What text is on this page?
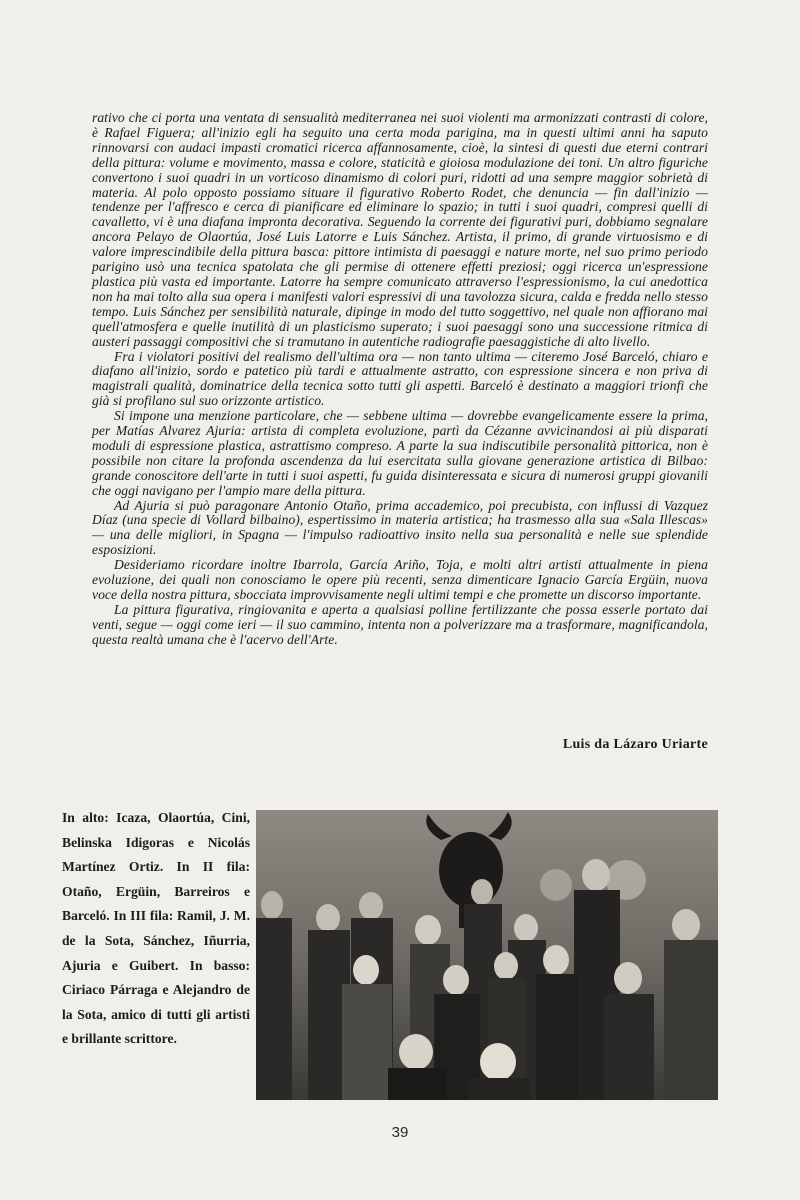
rativo che ci porta una ventata di sensualità mediterranea nei suoi violenti ma armonizzati contrasti di colore, è Rafael Figuera; all'inizio egli ha seguito una certa moda parigina, ma in questi ultimi anni ha saputo rinnovarsi con audaci impasti cromatici ricerca affannosamente, cioè, la sintesi di questi due eterni contrari della pittura: volume e movimento, massa e colore, staticità e gioiosa modulazione dei toni. Un altro figuriche convertono i suoi quadri in un vorticoso dinamismo di colori puri, ridotti ad una sempre maggior sobrietà di materia. Al polo opposto possiamo situare il figurativo Roberto Rodet, che denuncia — fin dall'inizio — tendenze per l'affresco e cerca di pianificare ed eliminare lo spazio; in tutti i suoi quadri, compresi quelli di cavalletto, vi è una diafana impronta decorativa. Seguendo la corrente dei figurativi puri, dobbiamo segnalare ancora Pelayo de Olaortúa, José Luis Latorre e Luis Sánchez. Artista, il primo, di grande virtuosismo e di valore imprescindibile della pittura basca: pittore intimista di paesaggi e nature morte, nel suo primo periodo parigino usò una tecnica spatolata che gli permise di ottenere effetti preziosi; oggi ricerca un'espressione plastica più vasta ed importante. Latorre ha sempre comunicato attraverso l'espressionismo, la cui anedottica non ha mai tolto alla sua opera i manifesti valori espressivi di una tavolozza sicura, calda e fredda nello stesso tempo. Luis Sánchez per sensibilità naturale, dipinge in modo del tutto soggettivo, nel quale non affiorano mai quell'atmosfera e quelle inutilità di un plasticismo superato; i suoi paesaggi sono una successione ritmica di austeri passaggi compositivi che si tramutano in autentiche radiografie paesaggistiche di alto livello.

Fra i violatori positivi del realismo dell'ultima ora — non tanto ultima — citeremo José Barceló, chiaro e diafano all'inizio, sordo e patetico più tardi e attualmente astratto, con espressione sincera e non priva di magistrali qualità, dominatrice della tecnica sotto tutti gli aspetti. Barceló è destinato a maggiori trionfi che già si profilano sul suo orizzonte artistico.

Si impone una menzione particolare, che — sebbene ultima — dovrebbe evangelicamente essere la prima, per Matías Alvarez Ajuria: artista di completa evoluzione, partì da Cézanne avvicinandosi ai più disparati moduli di espressione plastica, astrattismo compreso. A parte la sua indiscutibile personalità pittorica, non è possibile non citare la profonda ascendenza da lui esercitata sulla giovane generazione artistica di Bilbao: grande conoscitore dell'arte in tutti i suoi aspetti, fu guida disinteressata e sicura di numerosi gruppi giovanili che oggi navigano per l'ampio mare della pittura.

Ad Ajuria si può paragonare Antonio Otaño, prima accademico, poi precubista, con influssi di Vazquez Díaz (una specie di Vollard bilbaino), espertissimo in materia artistica; ha trasmesso alla sua «Sala Illescas» — una delle migliori, in Spagna — l'impulso radioattivo insito nella sua personalità e nelle sue splendide esposizioni.

Desideriamo ricordare inoltre Ibarrola, García Ariño, Toja, e molti altri artisti attualmente in piena evoluzione, dei quali non conosciamo le opere più recenti, senza dimenticare Ignacio García Ergüin, nuova voce della nostra pittura, sbocciata improvvisamente negli ultimi tempi e che promette un discorso importante.

La pittura figurativa, ringiovanita e aperta a qualsiasi polline fertilizzante che possa esserle portato dai venti, segue — oggi come ieri — il suo cammino, intenta non a polverizzare ma a trasformare, magnificandola, questa realtà umana che è l'acervo dell'Arte.

Luis da Lázaro Uriarte
In alto: Icaza, Olaortúa, Cini, Belinska Idigoras e Nicolás Martínez Ortiz. In II fila: Otaño, Ergüin, Barreiros e Barceló. In III fila: Ramil, J. M. de la Sota, Sánchez, Iñurria, Ajuria e Guibert. In basso: Ciriaco Párraga e Alejandro de la Sota, amico di tutti gli artisti e brillante scrittore.
39
